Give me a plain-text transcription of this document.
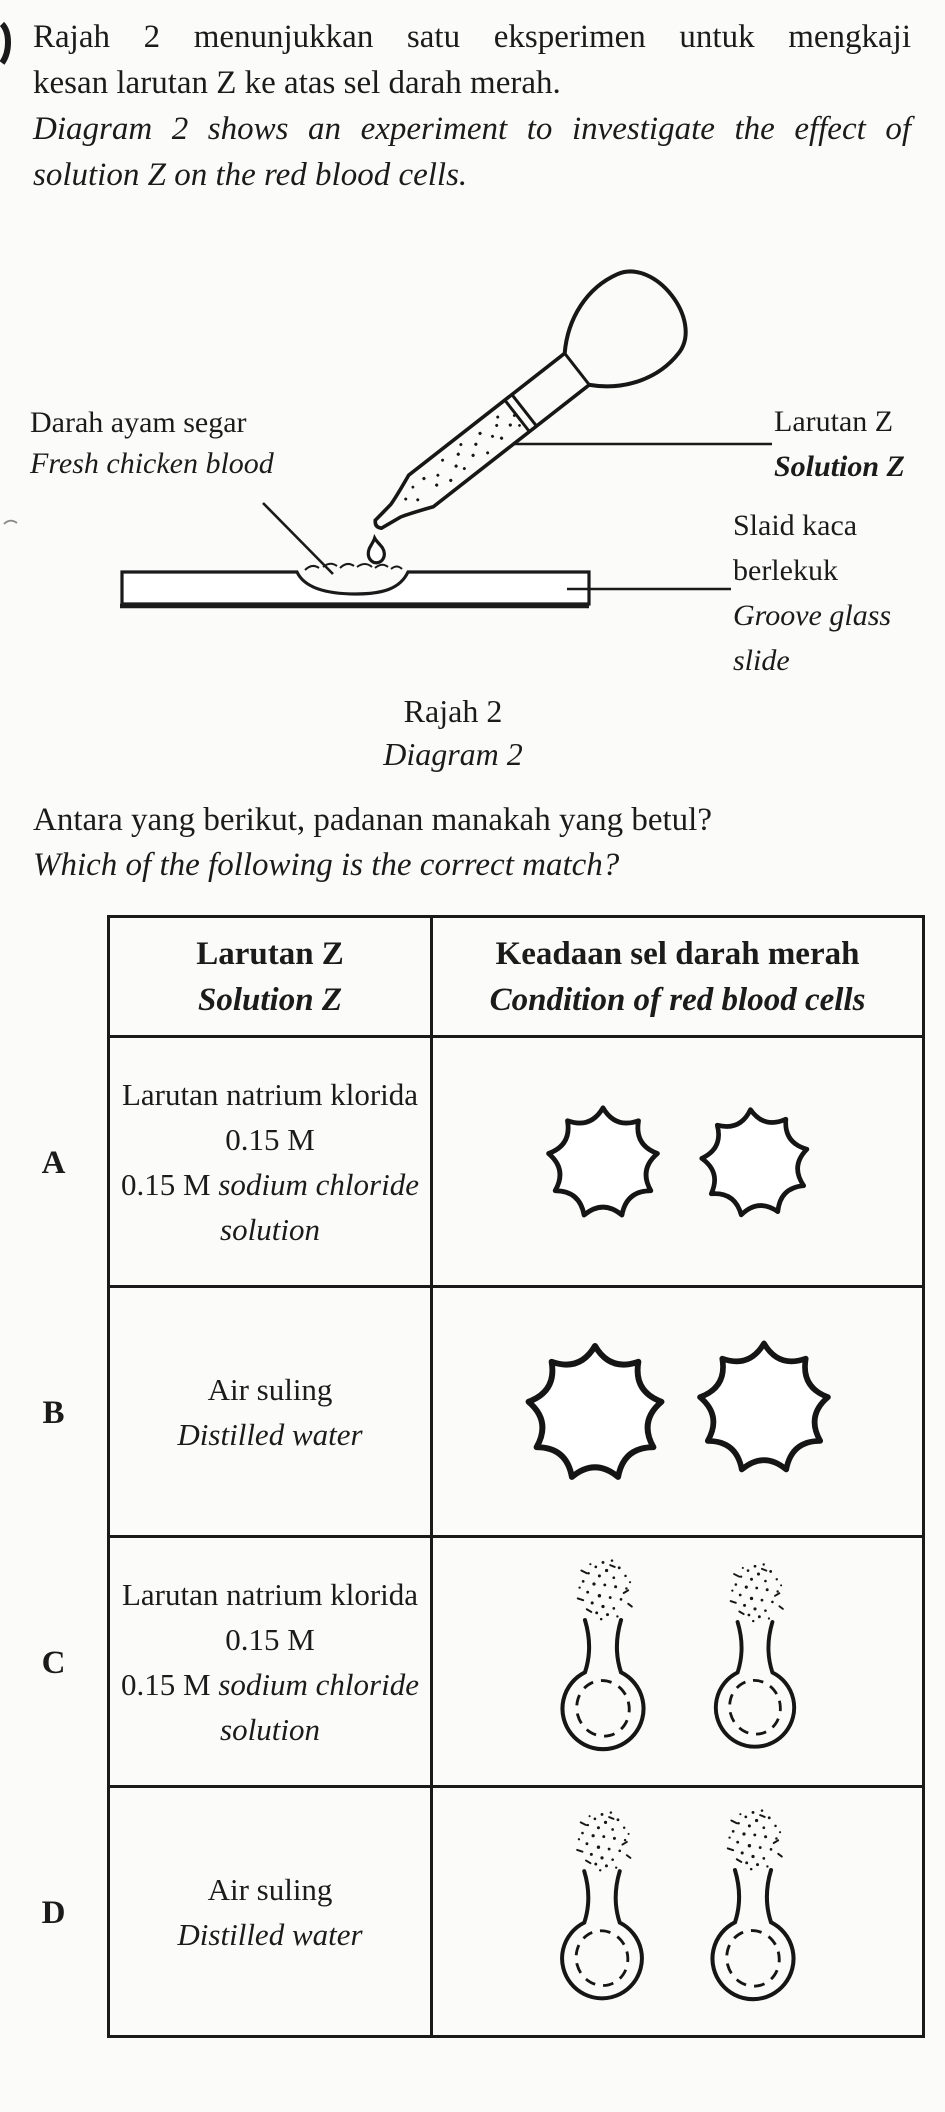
Rajah 2 menunjukkan satu eksperimen untuk mengkaji
kesan larutan Z ke atas sel darah merah.
Diagram 2 shows an experiment to investigate the effect of
solution Z on the red blood cells.
Darah ayam segar
Fresh chicken blood
Larutan Z
Solution Z
Slaid kaca
berlekuk
Groove glass
slide
Rajah 2
Diagram 2
Antara yang berikut, padanan manakah yang betul?
Which of the following is the correct match?
Larutan Z
Solution Z
Keadaan sel darah merah
Condition of red blood cells
A
Larutan natrium klorida 0.15 M
0.15 M sodium chloride solution
B
Air suling
Distilled water
C
Larutan natrium klorida 0.15 M
0.15 M sodium chloride solution
D
Air suling
Distilled water
